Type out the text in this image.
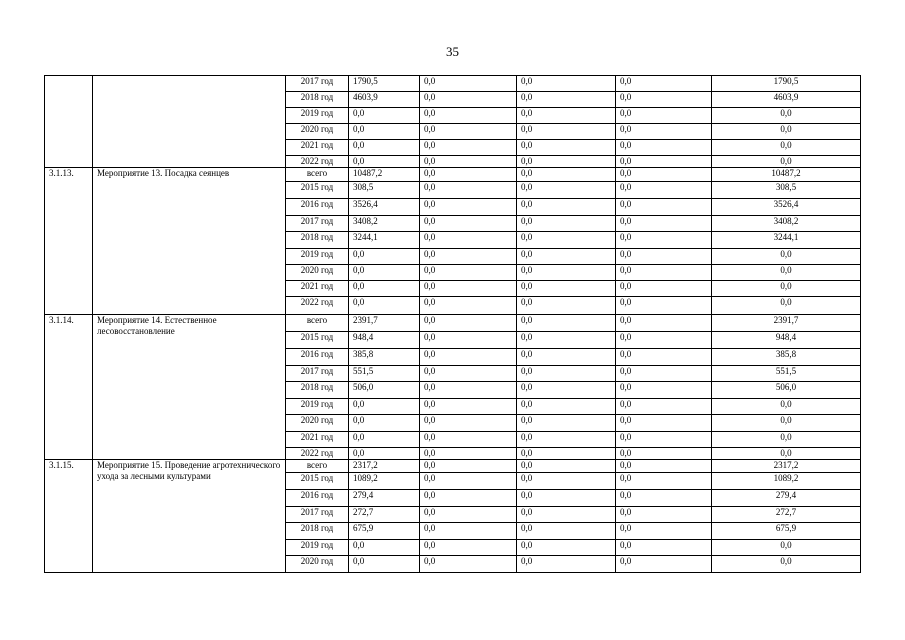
35
		2017 год	1790,5	0,0	0,0	0,0	1790,5
		2018 год	4603,9	0,0	0,0	0,0	4603,9
		2019 год	0,0	0,0	0,0	0,0	0,0
		2020 год	0,0	0,0	0,0	0,0	0,0
		2021 год	0,0	0,0	0,0	0,0	0,0
		2022 год	0,0	0,0	0,0	0,0	0,0
3.1.13.	Мероприятие 13. Посадка сеянцев	всего	10487,2	0,0	0,0	0,0	10487,2
		2015 год	308,5	0,0	0,0	0,0	308,5
		2016 год	3526,4	0,0	0,0	0,0	3526,4
		2017 год	3408,2	0,0	0,0	0,0	3408,2
		2018 год	3244,1	0,0	0,0	0,0	3244,1
		2019 год	0,0	0,0	0,0	0,0	0,0
		2020 год	0,0	0,0	0,0	0,0	0,0
		2021 год	0,0	0,0	0,0	0,0	0,0
		2022 год	0,0	0,0	0,0	0,0	0,0
3.1.14.	Мероприятие 14. Естественное лесовосстановление	всего	2391,7	0,0	0,0	0,0	2391,7
		2015 год	948,4	0,0	0,0	0,0	948,4
		2016 год	385,8	0,0	0,0	0,0	385,8
		2017 год	551,5	0,0	0,0	0,0	551,5
		2018 год	506,0	0,0	0,0	0,0	506,0
		2019 год	0,0	0,0	0,0	0,0	0,0
		2020 год	0,0	0,0	0,0	0,0	0,0
		2021 год	0,0	0,0	0,0	0,0	0,0
		2022 год	0,0	0,0	0,0	0,0	0,0
3.1.15.	Мероприятие 15. Проведение агротехнического ухода за лесными культурами	всего	2317,2	0,0	0,0	0,0	2317,2
		2015 год	1089,2	0,0	0,0	0,0	1089,2
		2016 год	279,4	0,0	0,0	0,0	279,4
		2017 год	272,7	0,0	0,0	0,0	272,7
		2018 год	675,9	0,0	0,0	0,0	675,9
		2019 год	0,0	0,0	0,0	0,0	0,0
		2020 год	0,0	0,0	0,0	0,0	0,0
